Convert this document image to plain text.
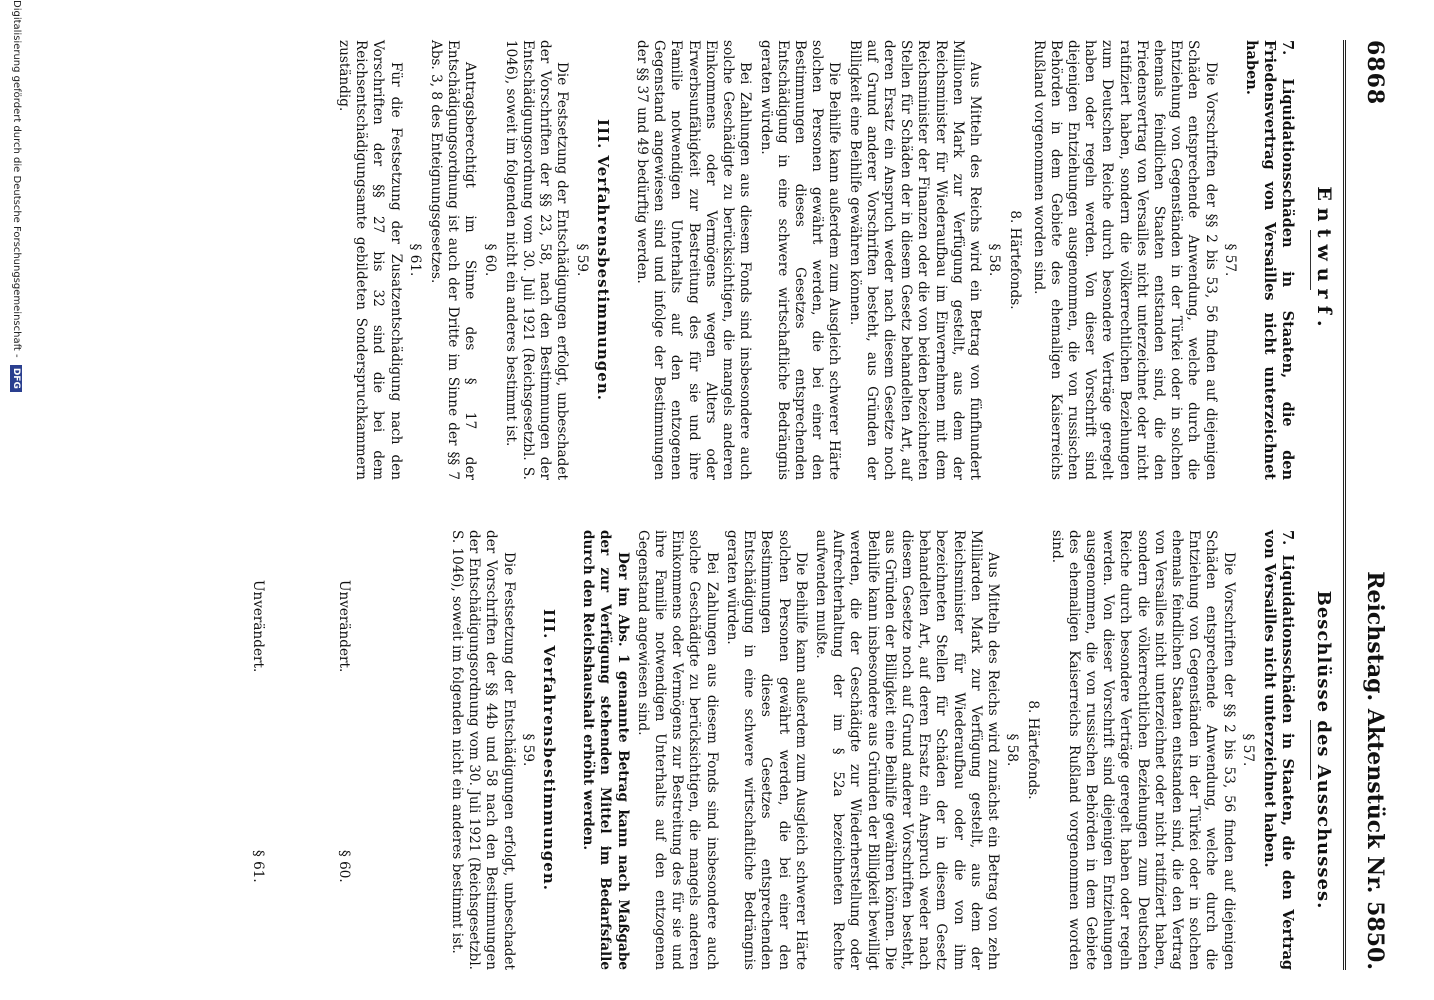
6868
Reichstag. Aktenstück Nr. 5850.
Entwurf.
7. Liquidationsschäden in Staaten, die den Friedensvertrag von Versailles nicht unterzeichnet haben.
§ 57.

Die Vorschriften der §§ 2 bis 53, 56 finden auf diejenigen Schäden entsprechende Anwendung, welche durch die Entziehung von Gegenständen in der Türkei oder in solchen ehemals feindlichen Staaten entstanden sind, die den Friedensvertrag von Versailles nicht unterzeichnet oder nicht ratifiziert haben, sondern die völkerrechtlichen Beziehungen zum Deutschen Reiche durch besondere Verträge geregelt haben oder regeln werden. Von dieser Vorschrift sind diejenigen Entziehungen ausgenommen, die von russischen Behörden in dem Gebiete des ehemaligen Kaiserreichs Rußland vorgenommen worden sind.

8. Härtefonds.
§ 58.

Aus Mitteln des Reichs wird ein Betrag von fünfhundert Millionen Mark zur Verfügung gestellt, aus dem der Reichsminister für Wiederaufbau im Einvernehmen mit dem Reichsminister der Finanzen oder die von beiden bezeichneten Stellen für Schäden der in diesem Gesetz behandelten Art, auf deren Ersatz ein Anspruch weder nach diesem Gesetze noch auf Grund anderer Vorschriften besteht, aus Gründen der Billigkeit eine Beihilfe gewähren können.

Die Beihilfe kann außerdem zum Ausgleich schwerer Härte solchen Personen gewährt werden, die bei einer den Bestimmungen dieses Gesetzes entsprechenden Entschädigung in eine schwere wirtschaftliche Bedrängnis geraten würden.

Bei Zahlungen aus diesem Fonds sind insbesondere auch solche Geschädigte zu berücksichtigen, die mangels anderen Einkommens oder Vermögens wegen Alters oder Erwerbsunfähigkeit zur Bestreitung des für sie und ihre Familie notwendigen Unterhalts auf den entzogenen Gegenstand angewiesen sind und infolge der Bestimmungen der §§ 37 und 49 bedürftig werden.

III. Verfahrensbestimmungen.
§ 59.

Die Festsetzung der Entschädigungen erfolgt, unbeschadet der Vorschriften der §§ 23, 58, nach den Bestimmungen der Entschädigungsordnung vom 30. Juli 1921 (Reichsgesetzbl. S. 1046), soweit im folgenden nicht ein anderes bestimmt ist.

§ 60.

Antragsberechtigt im Sinne des § 17 der Entschädigungsordnung ist auch der Dritte im Sinne der §§ 7 Abs. 3, 8 des Enteignungsgesetzes.

§ 61.

Für die Festsetzung der Zusatzentschädigung nach den Vorschriften der §§ 27 bis 32 sind die bei dem Reichsentschädigungsamte gebildeten Sonderspruchkammern zuständig.

Beschlüsse des Ausschusses.
7. Liquidationsschäden in Staaten, die den Vertrag von Versailles nicht unterzeichnet haben.
§ 57.

Die Vorschriften der §§ 2 bis 53, 56 finden auf diejenigen Schäden entsprechende Anwendung, welche durch die Entziehung von Gegenständen in der Türkei oder in solchen ehemals feindlichen Staaten entstanden sind, die den Vertrag von Versailles nicht unterzeichnet oder nicht ratifiziert haben, sondern die völkerrechtlichen Beziehungen zum Deutschen Reiche durch besondere Verträge geregelt haben oder regeln werden. Von dieser Vorschrift sind diejenigen Entziehungen ausgenommen, die von russischen Behörden in dem Gebiete des ehemaligen Kaiserreichs Rußland vorgenommen worden sind.

8. Härtefonds.
§ 58.

Aus Mitteln des Reichs wird zunächst ein Betrag von zehn Milliarden Mark zur Verfügung gestellt, aus dem der Reichsminister für Wiederaufbau oder die von ihm bezeichneten Stellen für Schäden der in diesem Gesetz behandelten Art, auf deren Ersatz ein Anspruch weder nach diesem Gesetze noch auf Grund anderer Vorschriften besteht, aus Gründen der Billigkeit eine Beihilfe gewähren können. Die Beihilfe kann insbesondere aus Gründen der Billigkeit bewilligt werden, die der Geschädigte zur Wiederherstellung oder Aufrechterhaltung der im § 52a bezeichneten Rechte aufwenden mußte.

Die Beihilfe kann außerdem zum Ausgleich schwerer Härte solchen Personen gewährt werden, die bei einer den Bestimmungen dieses Gesetzes entsprechenden Entschädigung in eine schwere wirtschaftliche Bedrängnis geraten würden.

Bei Zahlungen aus diesem Fonds sind insbesondere auch solche Geschädigte zu berücksichtigen, die mangels anderen Einkommens oder Vermögens zur Bestreitung des für sie und ihre Familie notwendigen Unterhalts auf den entzogenen Gegenstand angewiesen sind.

Der im Abs. 1 genannte Betrag kann nach Maßgabe der zur Verfügung stehenden Mittel im Bedarfsfalle durch den Reichshaushalt erhöht werden.

III. Verfahrensbestimmungen.
§ 59.

Die Festsetzung der Entschädigungen erfolgt, unbeschadet der Vorschriften der §§ 44b und 58 nach den Bestimmungen der Entschädigungsordnung vom 30. Juli 1921 (Reichsgesetzbl. S. 1046), soweit im folgenden nicht ein anderes bestimmt ist.

Unverändert.
§ 60.
Unverändert.
§ 61.
Digitalisierung gefördert durch die Deutsche Forschungsgemeinschaft - DFG
